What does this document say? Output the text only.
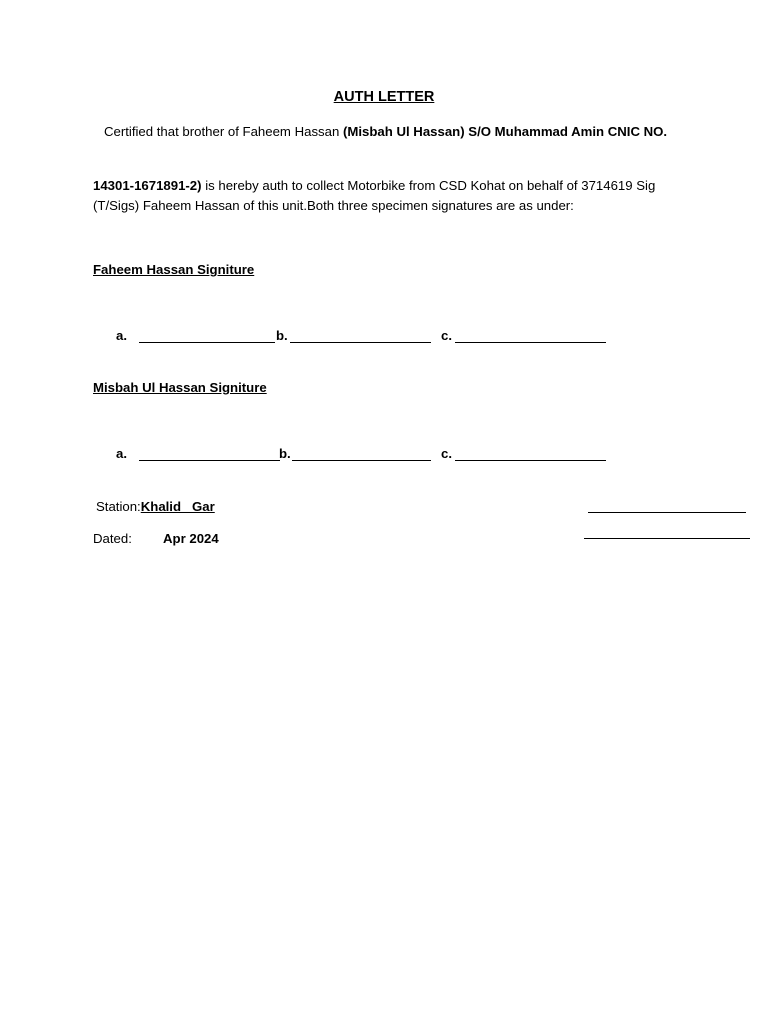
AUTH LETTER
Certified that brother of Faheem Hassan (Misbah Ul Hassan) S/O Muhammad Amin CNIC NO.
14301-1671891-2) is hereby auth to collect Motorbike from CSD Kohat on behalf of 3714619 Sig (T/Sigs) Faheem Hassan of this unit.Both three specimen signatures are as under:
Faheem Hassan Signiture
a.	b.	c.
Misbah Ul Hassan Signiture
a.	b.	c.
Station:Khalid   Gar
Dated: Apr 2024
